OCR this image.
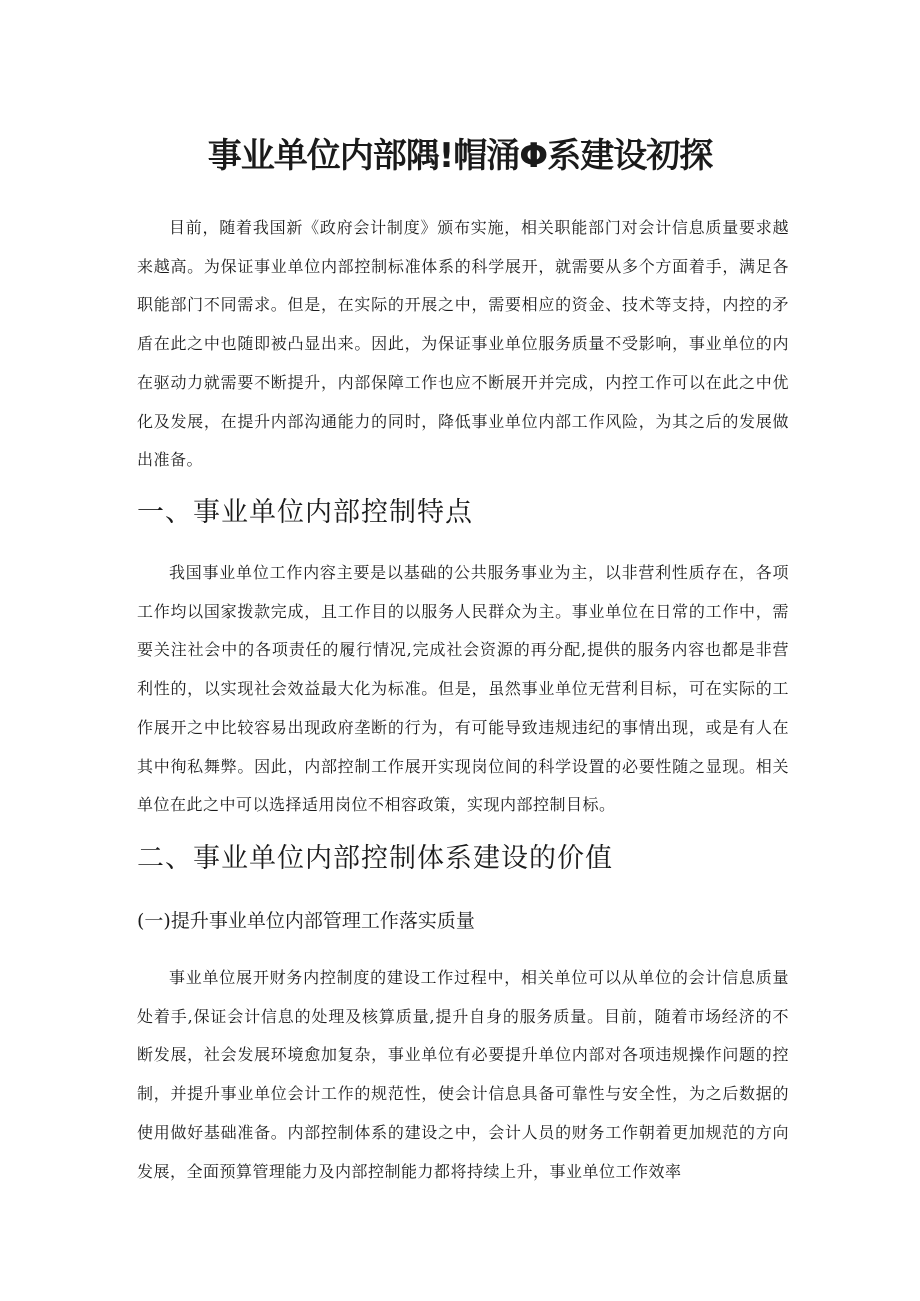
事业单位内部隅!帽涌Φ系建设初探

目前，随着我国新《政府会计制度》颁布实施，相关职能部门对会计信息质量要求越来越高。为保证事业单位内部控制标准体系的科学展开，就需要从多个方面着手，满足各职能部门不同需求。但是，在实际的开展之中，需要相应的资金、技术等支持，内控的矛盾在此之中也随即被凸显出来。因此，为保证事业单位服务质量不受影响，事业单位的内在驱动力就需要不断提升，内部保障工作也应不断展开并完成，内控工作可以在此之中优化及发展，在提升内部沟通能力的同时，降低事业单位内部工作风险，为其之后的发展做出准备。

一、事业单位内部控制特点

我国事业单位工作内容主要是以基础的公共服务事业为主，以非营利性质存在，各项工作均以国家拨款完成，且工作目的以服务人民群众为主。事业单位在日常的工作中，需要关注社会中的各项责任的履行情况,完成社会资源的再分配,提供的服务内容也都是非营利性的，以实现社会效益最大化为标准。但是，虽然事业单位无营利目标，可在实际的工作展开之中比较容易出现政府垄断的行为，有可能导致违规违纪的事情出现，或是有人在其中徇私舞弊。因此，内部控制工作展开实现岗位间的科学设置的必要性随之显现。相关单位在此之中可以选择适用岗位不相容政策，实现内部控制目标。

二、事业单位内部控制体系建设的价值
(一)提升事业单位内部管理工作落实质量

事业单位展开财务内控制度的建设工作过程中，相关单位可以从单位的会计信息质量处着手,保证会计信息的处理及核算质量,提升自身的服务质量。目前，随着市场经济的不断发展，社会发展环境愈加复杂，事业单位有必要提升单位内部对各项违规操作问题的控制，并提升事业单位会计工作的规范性，使会计信息具备可靠性与安全性，为之后数据的使用做好基础准备。内部控制体系的建设之中，会计人员的财务工作朝着更加规范的方向发展，全面预算管理能力及内部控制能力都将持续上升，事业单位工作效率
